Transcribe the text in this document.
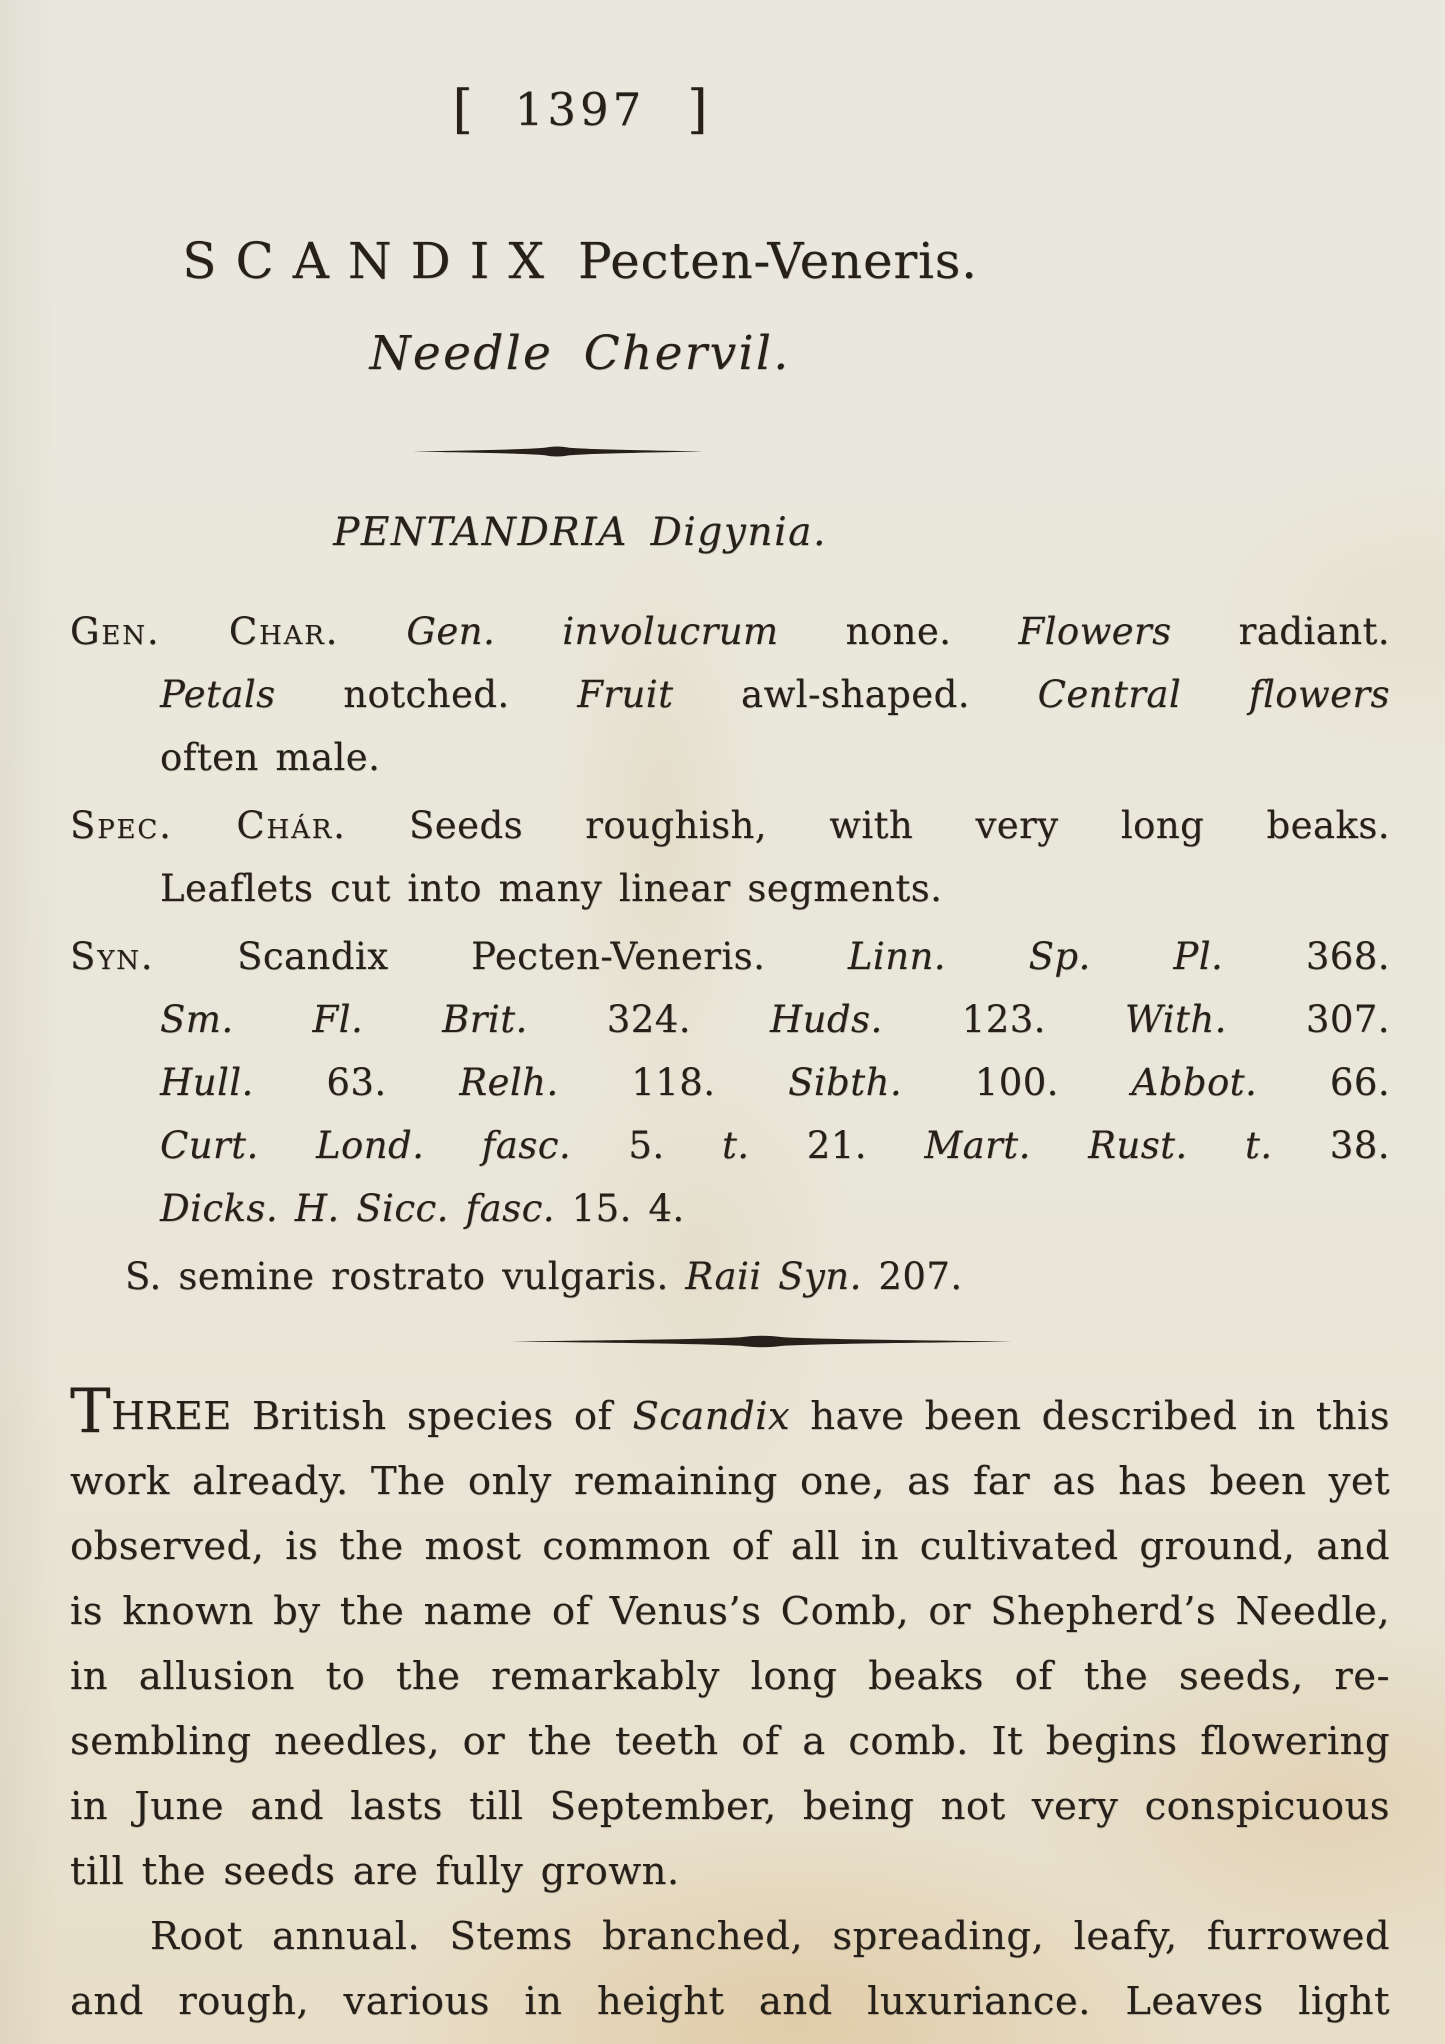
[ 1397 ]
SCANDIX Pecten-Veneris.
Needle Chervil.
PENTANDRIA Digynia.
Gen. Char. Gen. involucrum none. Flowers radiant.
Petals notched. Fruit awl-shaped. Central flowers
often male.
Spec. Chár. Seeds roughish, with very long beaks.
Leaflets cut into many linear segments.
Syn. Scandix Pecten-Veneris. Linn. Sp. Pl. 368.
Sm. Fl. Brit. 324. Huds. 123. With. 307.
Hull. 63. Relh. 118. Sibth. 100. Abbot. 66.
Curt. Lond. fasc. 5. t. 21. Mart. Rust. t. 38.
Dicks. H. Sicc. fasc. 15. 4.
S. semine rostrato vulgaris. Raii Syn. 207.
THREE British species of Scandix have been described in this
work already. The only remaining one, as far as has been yet
observed, is the most common of all in cultivated ground, and
is known by the name of Venus’s Comb, or Shepherd’s Needle,
in allusion to the remarkably long beaks of the seeds, re-
sembling needles, or the teeth of a comb. It begins flowering
in June and lasts till September, being not very conspicuous
till the seeds are fully grown.
Root annual. Stems branched, spreading, leafy, furrowed
and rough, various in height and luxuriance. Leaves light
